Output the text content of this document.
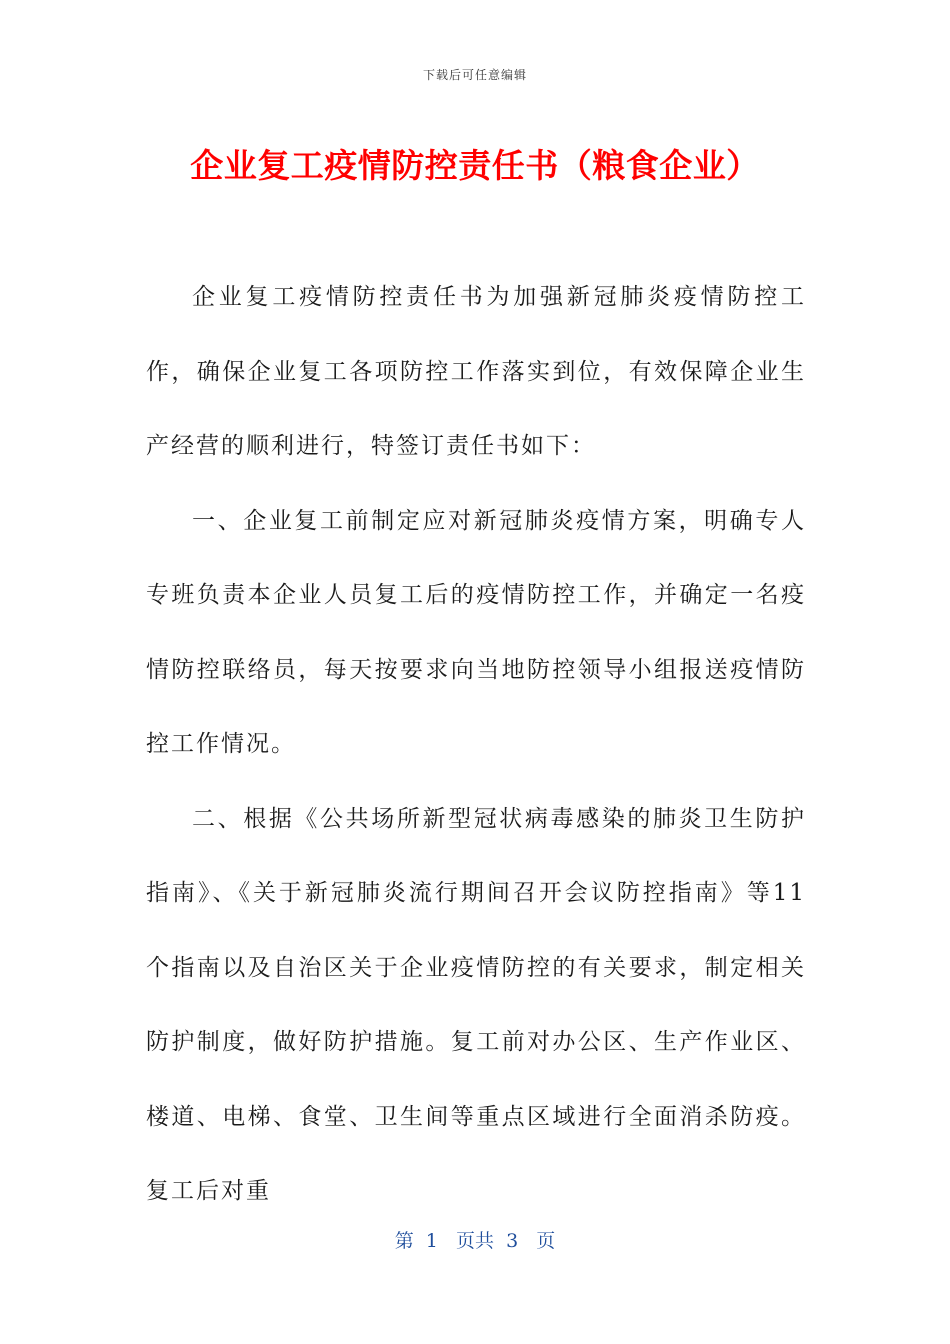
下载后可任意编辑
企业复工疫情防控责任书（粮食企业）

企业复工疫情防控责任书为加强新冠肺炎疫情防控工作，确保企业复工各项防控工作落实到位，有效保障企业生产经营的顺利进行，特签订责任书如下：

一、企业复工前制定应对新冠肺炎疫情方案，明确专人专班负责本企业人员复工后的疫情防控工作，并确定一名疫情防控联络员，每天按要求向当地防控领导小组报送疫情防控工作情况。

二、根据《公共场所新型冠状病毒感染的肺炎卫生防护指南》、《关于新冠肺炎流行期间召开会议防控指南》等11个指南以及自治区关于企业疫情防控的有关要求，制定相关防护制度，做好防护措施。复工前对办公区、生产作业区、楼道、电梯、食堂、卫生间等重点区域进行全面消杀防疫。复工后对重

第  1   页共  3   页
